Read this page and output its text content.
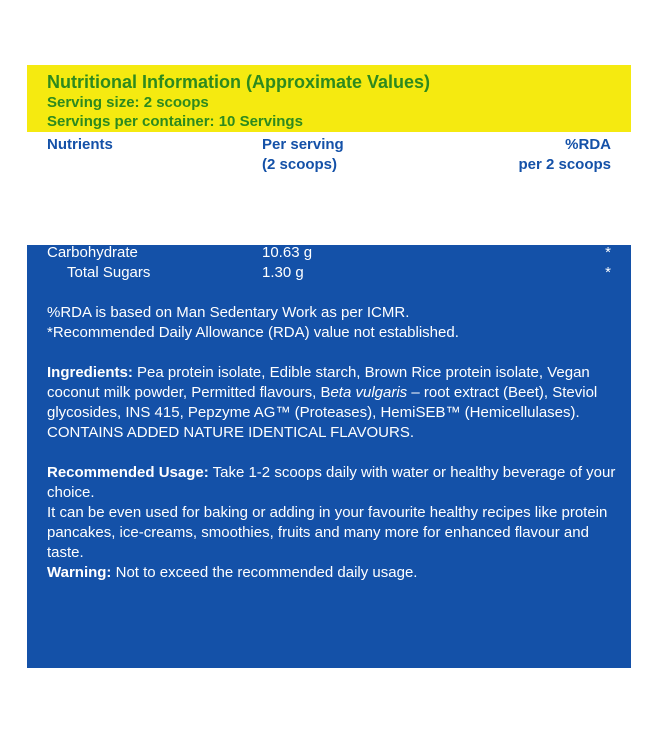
Nutritional Information (Approximate Values)
Serving size: 2 scoops
Servings per container: 10 Servings
Nutrients	Per serving
(2 scoops)
%RDA
per 2 scoops
Energy	171.88 kcal	7.41%
Fat	1.04 g	4.16%
Protein	30 g	50%
Carbohydrate	10.63 g	*
Total Sugars	1.30 g	*

%RDA is based on Man Sedentary Work as per ICMR.

*Recommended Daily Allowance (RDA) value not established.

Ingredients: Pea protein isolate, Edible starch, Brown Rice protein isolate, Vegan coconut milk powder, Permitted flavours, Beta vulgaris – root extract (Beet), Steviol glycosides, INS 415, Pepzyme AG™ (Proteases), HemiSEB™ (Hemicellulases).

CONTAINS ADDED NATURE IDENTICAL FLAVOURS.

Recommended Usage: Take 1-2 scoops daily with water or healthy beverage of your choice.

It can be even used for baking or adding in your favourite healthy recipes like protein pancakes, ice-creams, smoothies, fruits and many more for enhanced flavour and taste.

Warning: Not to exceed the recommended daily usage.
